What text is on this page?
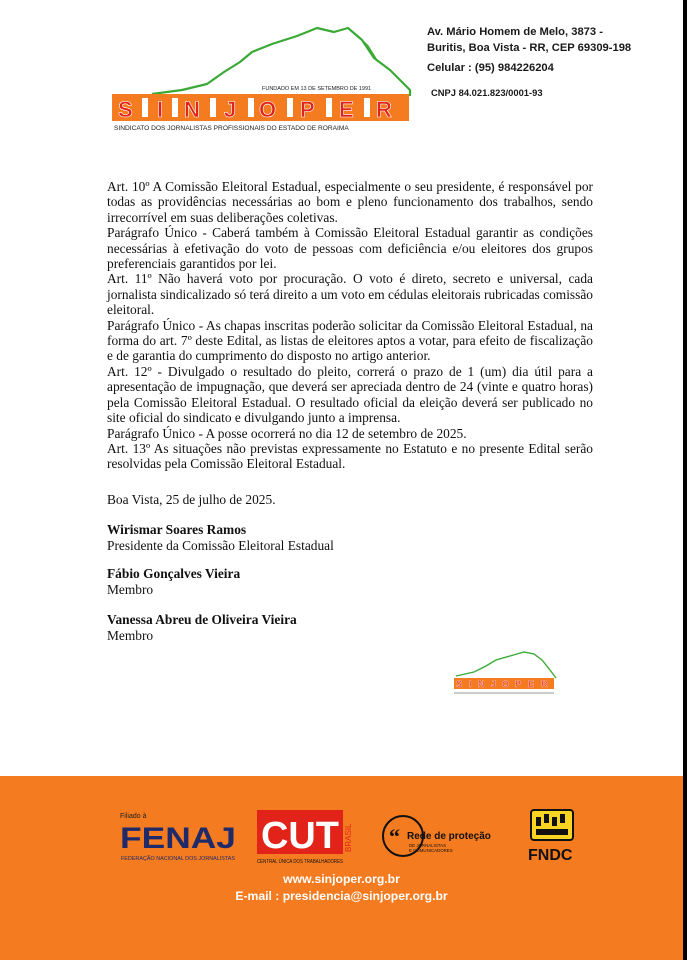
FUNDADO EM 13 DE SETEMBRO DE 1991
S I N J O P E R
SINDICATO DOS JORNALISTAS PROFISSIONAIS DO ESTADO DE RORAIMA
Av. Mário Homem de Melo, 3873 -
Buritis, Boa Vista - RR, CEP 69309-198
Celular : (95) 984226204
CNPJ 84.021.823/0001-93

Art. 10º A Comissão Eleitoral Estadual, especialmente o seu presidente, é responsável por todas as providências necessárias ao bom e pleno funcionamento dos trabalhos, sendo irrecorrível em suas deliberações coletivas.

Parágrafo Único - Caberá também à Comissão Eleitoral Estadual garantir as condições necessárias à efetivação do voto de pessoas com deficiência e/ou eleitores dos grupos preferenciais garantidos por lei.

Art. 11º Não haverá voto por procuração. O voto é direto, secreto e universal, cada jornalista sindicalizado só terá direito a um voto em cédulas eleitorais rubricadas comissão eleitoral.

Parágrafo Único - As chapas inscritas poderão solicitar da Comissão Eleitoral Estadual, na forma do art. 7º deste Edital, as listas de eleitores aptos a votar, para efeito de fiscalização e de garantia do cumprimento do disposto no artigo anterior.

Art. 12º - Divulgado o resultado do pleito, correrá o prazo de 1 (um) dia útil para a apresentação de impugnação, que deverá ser apreciada dentro de 24 (vinte e quatro horas) pela Comissão Eleitoral Estadual. O resultado oficial da eleição deverá ser publicado no site oficial do sindicato e divulgando junto a imprensa.

Parágrafo Único - A posse ocorrerá no dia 12 de setembro de 2025.

Art. 13º As situações não previstas expressamente no Estatuto e no presente Edital serão resolvidas pela Comissão Eleitoral Estadual.

Boa Vista, 25 de julho de 2025.
Wirismar Soares Ramos
Presidente da Comissão Eleitoral Estadual
Fábio Gonçalves Vieira
Membro
Vanessa Abreu de Oliveira Vieira
Membro
S I N J O P E R
Filiado à
FENAJ
FEDERAÇÃO NACIONAL DOS JORNALISTAS
CUT BRASIL
CENTRAL ÚNICA DOS TRABALHADORES
“ Rede de proteção
DE JORNALISTAS
E COMUNICADORES	FNDC
www.sinjoper.org.br
E-mail : presidencia@sinjoper.org.br
